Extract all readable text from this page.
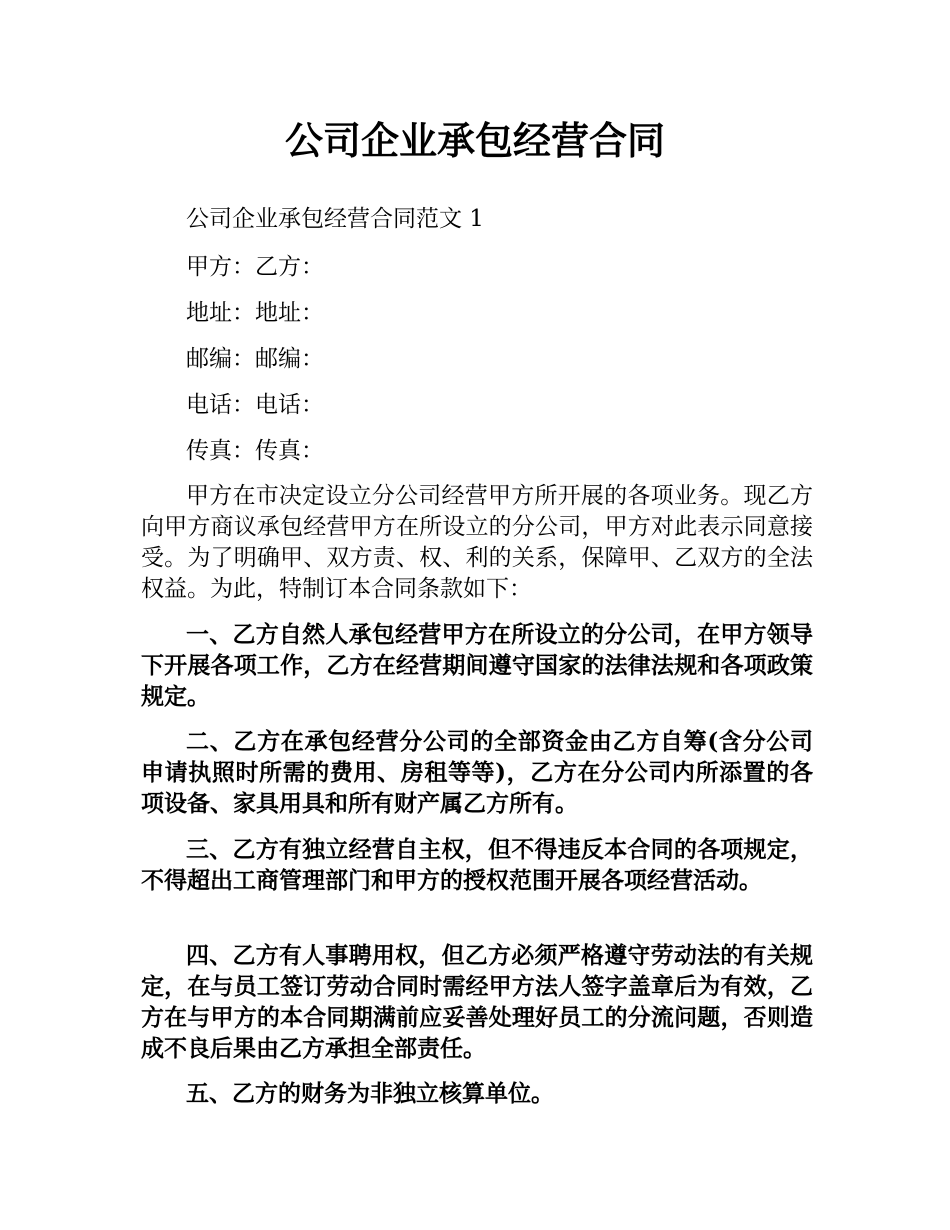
公司企业承包经营合同

公司企业承包经营合同范文 1

甲方：乙方：

地址：地址：

邮编：邮编：

电话：电话：

传真：传真：

甲方在市决定设立分公司经营甲方所开展的各项业务。现乙方向甲方商议承包经营甲方在所设立的分公司，甲方对此表示同意接受。为了明确甲、双方责、权、利的关系，保障甲、乙双方的全法权益。为此，特制订本合同条款如下：

一、乙方自然人承包经营甲方在所设立的分公司，在甲方领导下开展各项工作，乙方在经营期间遵守国家的法律法规和各项政策规定。

二、乙方在承包经营分公司的全部资金由乙方自筹(含分公司申请执照时所需的费用、房租等等)，乙方在分公司内所添置的各项设备、家具用具和所有财产属乙方所有。

三、乙方有独立经营自主权，但不得违反本合同的各项规定，不得超出工商管理部门和甲方的授权范围开展各项经营活动。

四、乙方有人事聘用权，但乙方必须严格遵守劳动法的有关规定，在与员工签订劳动合同时需经甲方法人签字盖章后为有效，乙方在与甲方的本合同期满前应妥善处理好员工的分流问题，否则造成不良后果由乙方承担全部责任。

五、乙方的财务为非独立核算单位。
